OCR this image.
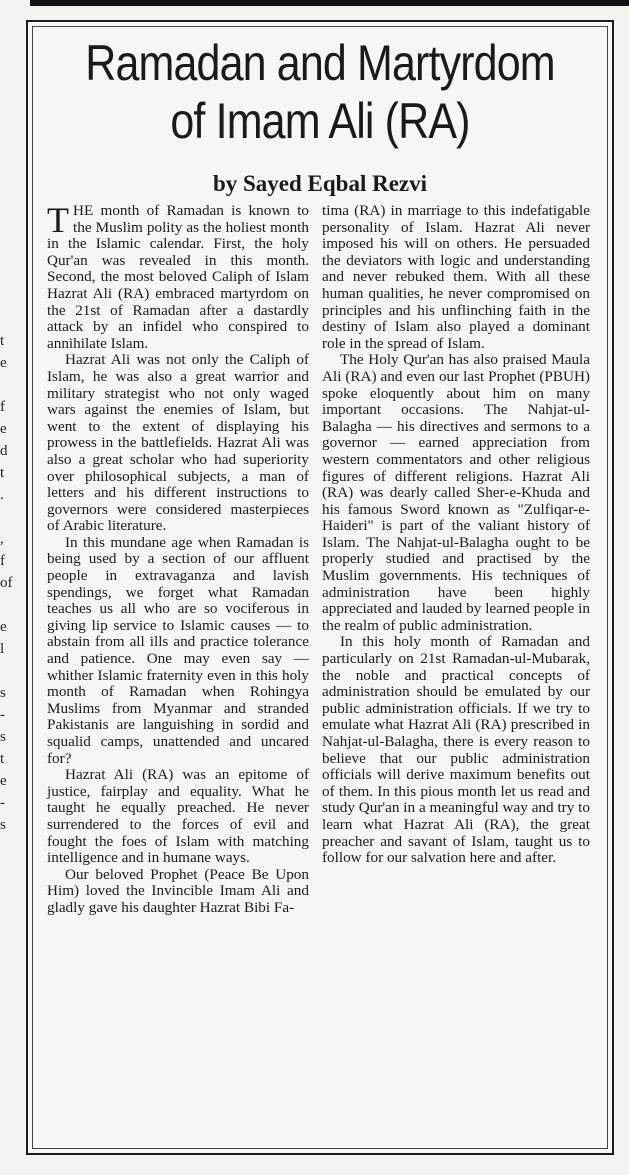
t
e
f
e
d
t
.
,
f
of
e
l
s
-
s
t
e
-
s
Ramadan and Martyrdom
of Imam Ali (RA)
by Sayed Eqbal Rezvi

THE month of Ramadan is known to the Muslim polity as the holiest month in the Islamic calendar. First, the holy Qur'an was revealed in this month. Second, the most beloved Caliph of Islam Hazrat Ali (RA) embraced martyrdom on the 21st of Ramadan after a dastardly attack by an infidel who conspired to annihilate Islam.

Hazrat Ali was not only the Caliph of Islam, he was also a great warrior and military strategist who not only waged wars against the enemies of Islam, but went to the extent of displaying his prowess in the battlefields. Hazrat Ali was also a great scholar who had superiority over philosophical subjects, a man of letters and his different instructions to governors were considered masterpieces of Arabic literature.

In this mundane age when Ramadan is being used by a section of our affluent people in extravaganza and lavish spendings, we forget what Ramadan teaches us all who are so vociferous in giving lip service to Islamic causes — to abstain from all ills and practice tolerance and patience. One may even say — whither Islamic fraternity even in this holy month of Ramadan when Rohingya Muslims from Myanmar and stranded Pakistanis are languishing in sordid and squalid camps, unattended and uncared for?

Hazrat Ali (RA) was an epitome of justice, fairplay and equality. What he taught he equally preached. He never surrendered to the forces of evil and fought the foes of Islam with matching intelligence and in humane ways.

Our beloved Prophet (Peace Be Upon Him) loved the Invincible Imam Ali and gladly gave his daughter Hazrat Bibi Fa-

tima (RA) in marriage to this indefatigable personality of Islam. Hazrat Ali never imposed his will on others. He persuaded the deviators with logic and understanding and never rebuked them. With all these human qualities, he never compromised on principles and his unflinching faith in the destiny of Islam also played a dominant role in the spread of Islam.

The Holy Qur'an has also praised Maula Ali (RA) and even our last Prophet (PBUH) spoke eloquently about him on many important occasions. The Nahjat-ul-Balagha — his directives and sermons to a governor — earned appreciation from western commentators and other religious figures of different religions. Hazrat Ali (RA) was dearly called Sher-e-Khuda and his famous Sword known as "Zulfiqar-e-Haideri" is part of the valiant history of Islam. The Nahjat-ul-Balagha ought to be properly studied and practised by the Muslim governments. His techniques of administration have been highly appreciated and lauded by learned people in the realm of public administration.

In this holy month of Ramadan and particularly on 21st Ramadan-ul-Mubarak, the noble and practical concepts of administration should be emulated by our public administration officials. If we try to emulate what Hazrat Ali (RA) prescribed in Nahjat-ul-Balagha, there is every reason to believe that our public administration officials will derive maximum benefits out of them. In this pious month let us read and study Qur'an in a meaningful way and try to learn what Hazrat Ali (RA), the great preacher and savant of Islam, taught us to follow for our salvation here and after.
